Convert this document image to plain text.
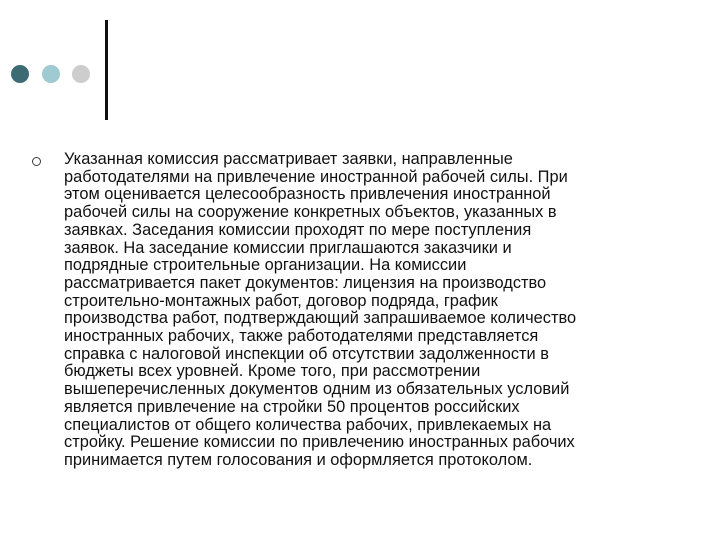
Указанная комиссия рассматривает заявки, направленные
работодателями на привлечение иностранной рабочей силы. При
этом оценивается целесообразность привлечения иностранной
рабочей силы на сооружение конкретных объектов, указанных в
заявках. Заседания комиссии проходят по мере поступления
заявок. На заседание комиссии приглашаются заказчики и
подрядные строительные организации. На комиссии
рассматривается пакет документов: лицензия на производство
строительно-монтажных работ, договор подряда, график
производства работ, подтверждающий запрашиваемое количество
иностранных рабочих, также работодателями представляется
справка с налоговой инспекции об отсутствии задолженности в
бюджеты всех уровней. Кроме того, при рассмотрении
вышеперечисленных документов одним из обязательных условий
является привлечение на стройки 50 процентов российских
специалистов от общего количества рабочих, привлекаемых на
стройку. Решение комиссии по привлечению иностранных рабочих
принимается путем голосования и оформляется протоколом.
